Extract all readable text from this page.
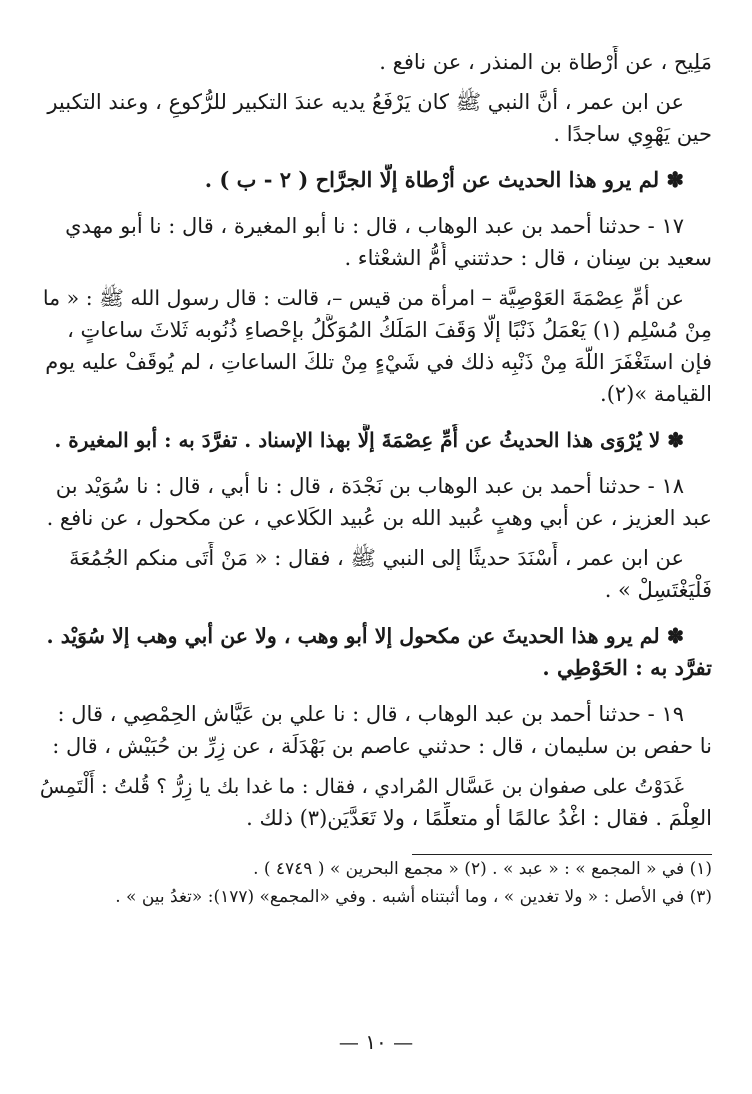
مَلِيح ، عن أَرْطاة بن المنذر ، عن نافع .
عن ابن عمر ، أنَّ النبي ﷺ كان يَرْفَعُ يديه عندَ التكبير للرُّكوعِ ، وعند التكبير
حين يَهْوِي ساجدًا .
✽ لم يرو هذا الحديث عن أرْطاة إلَّا الجرَّاح ( ٢ - ب ) .
١٧ - حدثنا أحمد بن عبد الوهاب ، قال : نا أبو المغيرة ، قال : نا أبو مهدي
سعيد بن سِنان ، قال : حدثتني أُمُّ الشعْثاء .
عن أمِّ عِصْمَةَ العَوْصِيَّة – امرأة من قيس –، قالت : قال رسول الله ﷺ : « ما
مِنْ مُسْلِم (١) يَعْمَلُ ذَنْبًا إلَّا وَقَفَ المَلَكُ المُوَكَّلُ بإحْصاءِ ذُنُوبه ثَلاثَ ساعاتٍ ،
فإن استَغْفَرَ اللَّهَ مِنْ ذَنْبِه ذلك في شَيْءٍ مِنْ تلكَ الساعاتِ ، لم يُوقَفْ عليه يوم
القيامة »(٢).
✽ لا يُرْوَى هذا الحديثُ عن أُمِّ عِصْمَةَ إلَّا بهذا الإسناد . تفرَّدَ به : أبو المغيرة .
١٨ - حدثنا أحمد بن عبد الوهاب بن نَجْدَة ، قال : نا أبي ، قال : نا سُوَيْد بن
عبد العزيز ، عن أبي وهبٍ عُبيد الله بن عُبيد الكَلاعي ، عن مكحول ، عن نافع .
عن ابن عمر ، أَسْنَدَ حديثًا إلى النبي ﷺ ، فقال : « مَنْ أَتَى منكم الجُمُعَةَ
فَلْيَغْتَسِلْ » .
✽ لم يرو هذا الحديثَ عن مكحول إلا أبو وهب ، ولا عن أبي وهب إلا سُوَيْد .
تفرَّد به : الحَوْطِي .
١٩ - حدثنا أحمد بن عبد الوهاب ، قال : نا علي بن عَيَّاش الحِمْصِي ، قال :
نا حفص بن سليمان ، قال : حدثني عاصم بن بَهْدَلَة ، عن زِرِّ بن حُبَيْش ، قال :
غَدَوْتُ على صفوان بن عَسَّال المُرادي ، فقال : ما غدا بك يا زِرُّ ؟ قُلتُ : أَلْتَمِسُ
العِلْمَ . فقال : اغْدُ عالمًا أو متعلِّمًا ، ولا تَعَدَّيَن(٣) ذلك .
(١) في « المجمع » : « عبد » . (٢) « مجمع البحرين » ( ٤٧٤٩ ) .
(٣) في الأصل : « ولا تغدين » ، وما أثبتناه أشبه . وفي «المجمع» (١٧٧): «تغدُ بين » .
— ١٠ —
